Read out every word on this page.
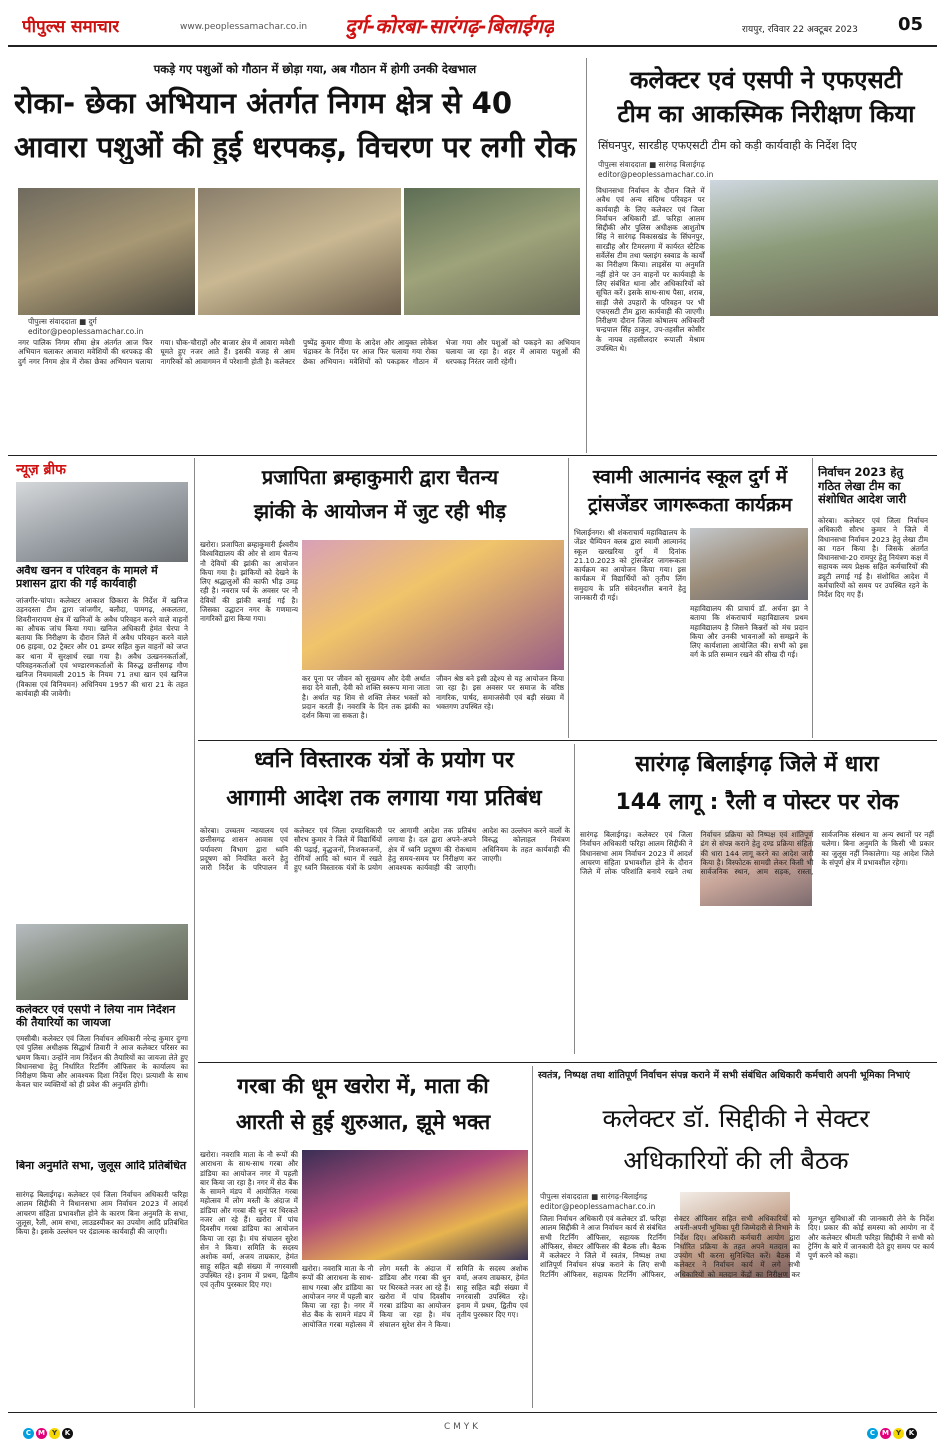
पीपुल्स समाचार	www.peoplessamachar.co.in दुर्ग-कोरबा-सारंगढ़-बिलाईगढ़	रायपुर, रविवार 22 अक्टूबर 2023 05
पकड़े गए पशुओं को गौठान में छोड़ा गया, अब गौठान में होगी उनकी देखभाल
रोका- छेका अभियान अंतर्गत निगम क्षेत्र से 40
आवारा पशुओं की हुई धरपकड़, विचरण पर लगी रोक
पीपुल्स संवाददाता ■ दुर्ग
editor@peoplessamachar.co.in
नगर पालिक निगम सीमा क्षेत्र अंतर्गत आज फिर अभियान चलाकर आवारा मवेशियों की धरपकड़ की दुर्ग नगर निगम क्षेत्र में रोका छेका अभियान चलाया गया। चौक-चौराहों और बाजार क्षेत्र में आवारा मवेशी घूमते हुए नजर आते हैं। इसकी वजह से आम नागरिकों को आवागमन में परेशानी होती है। कलेक्टर पुष्पेंद्र कुमार मीणा के आदेश और आयुक्त लोकेश चंद्राकर के निर्देश पर आज फिर चलाया गया रोका छेका अभियान। मवेशियों को पकड़कर गौठान में भेजा गया और पशुओं को पकड़ने का अभियान चलाया जा रहा है। शहर में आवारा पशुओं की धरपकड़ निरंतर जारी रहेगी।
कलेक्टर एवं एसपी ने एफएसटी
टीम का आकस्मिक निरीक्षण किया
सिंघनपुर, सारडीह एफएसटी टीम को कड़ी कार्यवाही के निर्देश दिए
पीपुल्स संवाददाता ■ सारंगढ़ बिलाईगढ़
editor@peoplessamachar.co.in
विधानसभा निर्वाचन के दौरान जिले में अवैध एवं अन्य संदिग्ध परिवहन पर कार्यवाही के लिए कलेक्टर एवं जिला निर्वाचन अधिकारी डॉ. फरिहा आलम सिद्दीकी और पुलिस अधीक्षक आशुतोष सिंह ने सारंगढ़ विकासखंड के सिंघनपुर, सारडीह और टिमरलगा में कार्यरत स्टैटिक सर्वेलेंस टीम तथा फ्लाइंग स्क्वाड के कार्यों का निरीक्षण किया। लाइसेंस या अनुमति नहीं होने पर उन वाहनों पर कार्यवाही के लिए संबंधित थाना और अधिकारियों को सूचित करें। इसके साथ-साथ पैसा, शराब, साड़ी जैसे उपहारों के परिवहन पर भी एफएसटी टीम द्वारा कार्यवाही की जाएगी। निरीक्षण दौरान जिला कोषालय अधिकारी चन्द्रपाल सिंह ठाकुर, उप-तहसील कोसीर के नायब तहसीलदार रूपाली मेश्राम उपस्थित थे।
न्यूज़ ब्रीफ
अवैध खनन व परिवहन के मामले में प्रशासन द्वारा की गई कार्यवाही
जांजगीर-चांपा। कलेक्टर आकाश छिकारा के निर्देश में खनिज उड़नदस्ता टीम द्वारा जांजगीर, बलौदा, पामगढ़, अकलतरा, शिवरीनारायण क्षेत्र में खनिजों के अवैध परिवहन करने वाले वाहनों का औचक जांच किया गया। खनिज अधिकारी हेमंत चेरपा ने बताया कि निरीक्षण के दौरान जिले में अवैध परिवहन करने वाले 06 हाइवा, 02 ट्रैक्टर और 01 डम्पर सहित कुल वाहनों को जप्त कर थाना में सुरक्षार्थ रखा गया है। अवैध उत्खननकर्ताओं, परिवहनकर्ताओं एवं भण्डारणकर्ताओं के विरुद्ध छत्तीसगढ़ गौण खनिज नियमावली 2015 के नियम 71 तथा खान एवं खनिज (विकास एवं विनियमन) अधिनियम 1957 की धारा 21 के तहत कार्यवाही की जावेगी।
कलेक्टर एवं एसपी ने लिया नाम निर्देशन की तैयारियों का जायजा
एमसीबी। कलेक्टर एवं जिला निर्वाचन अधिकारी नरेन्द्र कुमार दुग्गा एवं पुलिस अधीक्षक सिद्धार्थ तिवारी ने आज कलेक्टर परिसर का भ्रमण किया। उन्होंने नाम निर्देशन की तैयारियों का जायजा लेते हुए विधानसभा हेतु निर्धारित रिटर्निंग ऑफिसर के कार्यालय का निरीक्षण किया और आवश्यक दिशा निर्देश दिए। प्रत्याशी के साथ केवल चार व्यक्तियों को ही प्रवेश की अनुमति होगी।
बिना अनुमति सभा, जुलूस आदि प्रतिबंधित
सारंगढ़ बिलाईगढ़। कलेक्टर एवं जिला निर्वाचन अधिकारी फरिहा आलम सिद्दीकी ने विधानसभा आम निर्वाचन 2023 में आदर्श आचरण संहिता प्रभावशील होने के कारण बिना अनुमति के सभा, जुलूस, रैली, आम सभा, लाउडस्पीकर का उपयोग आदि प्रतिबंधित किया है। इसके उल्लंघन पर दंडात्मक कार्यवाही की जाएगी।
प्रजापिता ब्रम्हाकुमारी द्वारा चैतन्य
झांकी के आयोजन में जुट रही भीड़
खरोरा। प्रजापिता ब्रम्हाकुमारी ईश्वरीय विश्वविद्यालय की ओर से शाम चैतन्य नौ देवियों की झांकी का आयोजन किया गया है। झांकियों को देखने के लिए श्रद्धालुओं की काफी भीड़ उमड़ रही है। नवरात्र पर्व के अवसर पर नौ देवियों की झांकी बनाई गई है। जिसका उद्घाटन नगर के गणमान्य नागरिकों द्वारा किया गया।
कर पूना पर जीवन को सुखमय और देवी अर्थात सदा देने वाली, देवी को शक्ति स्वरूप माना जाता है। अर्थात यह शिव से शक्ति लेकर भक्तों को प्रदान करती हैं। नवरात्रि के दिन तक झांकी का दर्शन किया जा सकता है।
जीवन श्रेष्ठ बने इसी उद्देश्य से यह आयोजन किया जा रहा है। इस अवसर पर समाज के वरिष्ठ नागरिक, पार्षद, समाजसेवी एवं बड़ी संख्या में भक्तगण उपस्थित रहे।
स्वामी आत्मानंद स्कूल दुर्ग में
ट्रांसजेंडर जागरूकता कार्यक्रम
भिलाईनगर। श्री शंकराचार्य महाविद्यालय के जेंडर चैम्पियन क्लब द्वारा स्वामी आत्मानंद स्कूल खरखरिया दुर्ग में दिनांक 21.10.2023 को ट्रांसजेंडर जागरूकता कार्यक्रम का आयोजन किया गया। इस कार्यक्रम में विद्यार्थियों को तृतीय लिंग समुदाय के प्रति संवेदनशील बनाने हेतु जानकारी दी गई।
महाविद्यालय की प्राचार्य डॉ. अर्चना झा ने बताया कि शंकराचार्य महाविद्यालय प्रथम महाविद्यालय है जिसने किन्नरों को मंच प्रदान किया और उनकी भावनाओं को समझने के लिए कार्यशाला आयोजित की। सभी को इस वर्ग के प्रति सम्मान रखने की सीख दी गई।
निर्वाचन 2023 हेतु गठित लेखा टीम का संशोधित आदेश जारी
कोरबा। कलेक्टर एवं जिला निर्वाचन अधिकारी सौरभ कुमार ने जिले में विधानसभा निर्वाचन 2023 हेतु लेखा टीम का गठन किया है। जिसके अंतर्गत विधानसभा-20 रामपुर हेतु नियंत्रण कक्ष में सहायक व्यय प्रेक्षक सहित कर्मचारियों की ड्यूटी लगाई गई है। संशोधित आदेश में कर्मचारियों को समय पर उपस्थित रहने के निर्देश दिए गए हैं।
ध्वनि विस्तारक यंत्रों के प्रयोग पर
आगामी आदेश तक लगाया गया प्रतिबंध
कोरबा। उच्चतम न्यायालय एवं छत्तीसगढ़ शासन आवास एवं पर्यावरण विभाग द्वारा ध्वनि प्रदूषण को नियंत्रित करने हेतु जारी निर्देश के परिपालन में कलेक्टर एवं जिला दण्डाधिकारी सौरभ कुमार ने जिले में विद्यार्थियों की पढ़ाई, वृद्धजनों, निःशक्तजनों, रोगियों आदि को ध्यान में रखते हुए ध्वनि विस्तारक यंत्रों के प्रयोग पर आगामी आदेश तक प्रतिबंध लगाया है। दल द्वारा अपने-अपने क्षेत्र में ध्वनि प्रदूषण की रोकथाम हेतु समय-समय पर निरीक्षण कर आवश्यक कार्यवाही की जाएगी। आदेश का उल्लंघन करने वालों के विरुद्ध कोलाहल नियंत्रण अधिनियम के तहत कार्यवाही की जाएगी।
सारंगढ़ बिलाईगढ़ जिले में धारा
144 लागू : रैली व पोस्टर पर रोक
सारंगढ़ बिलाईगढ़। कलेक्टर एवं जिला निर्वाचन अधिकारी फरिहा आलम सिद्दीकी ने विधानसभा आम निर्वाचन 2023 में आदर्श आचरण संहिता प्रभावशील होने के दौरान जिले में लोक परिशांति बनाये रखने तथा निर्वाचन प्रक्रिया को निष्पक्ष एवं शांतिपूर्ण ढंग से संपन्न कराने हेतु दण्ड प्रक्रिया संहिता की धारा 144 लागू करने का आदेश जारी किया है। विस्फोटक सामग्री लेकर किसी भी सार्वजनिक स्थान, आम सड़क, रास्ता, सार्वजनिक संस्थान या अन्य स्थानों पर नहीं चलेगा। बिना अनुमति के किसी भी प्रकार का जुलूस नहीं निकालेगा। यह आदेश जिले के संपूर्ण क्षेत्र में प्रभावशील रहेगा।
गरबा की धूम खरोरा में, माता की
आरती से हुई शुरुआत, झूमे भक्त
खरोरा। नवरात्रि माता के नौ रूपों की आराधना के साथ-साथ गरबा और डांडिया का आयोजन नगर में पहली बार किया जा रहा है। नगर में सेठ बैंक के सामने मंडप में आयोजित गरबा महोत्सव में लोग मस्ती के अंदाज में डांडिया और गरबा की धुन पर थिरकते नजर आ रहे हैं। खरोरा में पांच दिवसीय गरबा डांडिया का आयोजन किया जा रहा है। मंच संचालन सुरेश सेन ने किया। समिति के सदस्य अशोक वर्मा, अजय ताम्रकार, हेमंत साहू सहित बड़ी संख्या में नगरवासी उपस्थित रहे। इनाम में प्रथम, द्वितीय एवं तृतीय पुरस्कार दिए गए।
खरोरा। नवरात्रि माता के नौ रूपों की आराधना के साथ-साथ गरबा और डांडिया का आयोजन नगर में पहली बार किया जा रहा है। नगर में सेठ बैंक के सामने मंडप में आयोजित गरबा महोत्सव में लोग मस्ती के अंदाज में डांडिया और गरबा की धुन पर थिरकते नजर आ रहे हैं। खरोरा में पांच दिवसीय गरबा डांडिया का आयोजन किया जा रहा है। मंच संचालन सुरेश सेन ने किया। समिति के सदस्य अशोक वर्मा, अजय ताम्रकार, हेमंत साहू सहित बड़ी संख्या में नगरवासी उपस्थित रहे। इनाम में प्रथम, द्वितीय एवं तृतीय पुरस्कार दिए गए।
स्वतंत्र, निष्पक्ष तथा शांतिपूर्ण निर्वाचन संपन्न कराने में सभी संबंधित अधिकारी कर्मचारी अपनी भूमिका निभाएं
कलेक्टर डॉ. सिद्दीकी ने सेक्टर
अधिकारियों की ली बैठक
पीपुल्स संवाददाता ■ सारंगढ़-बिलाईगढ़
editor@peoplessamachar.co.in
जिला निर्वाचन अधिकारी एवं कलेक्टर डॉ. फरिहा आलम सिद्दीकी ने आज निर्वाचन कार्य से संबंधित सभी रिटर्निंग ऑफिसर, सहायक रिटर्निंग ऑफिसर, सेक्टर ऑफिसर की बैठक ली। बैठक में कलेक्टर ने जिले में स्वतंत्र, निष्पक्ष तथा शांतिपूर्ण निर्वाचन संपन्न कराने के लिए सभी रिटर्निंग ऑफिसर, सहायक रिटर्निंग ऑफिसर, सेक्टर ऑफिसर सहित सभी अधिकारियों को अपनी-अपनी भूमिका पूरी जिम्मेदारी से निभाने के निर्देश दिए। अधिकारी कर्मचारी आयोग द्वारा निर्धारित प्रक्रिया के तहत अपने मतदान का उपयोग भी करना सुनिश्चित करें। बैठक में कलेक्टर ने निर्वाचन कार्य में लगे सभी अधिकारियों को मतदान केंद्रों का निरीक्षण कर मूलभूत सुविधाओं की जानकारी लेने के निर्देश दिए। प्रकार की कोई समस्या को आयोग ना दें और कलेक्टर श्रीमती फरिहा सिद्दीकी ने सभी को ट्रेनिंग के बारे में जानकारी देते हुए समय पर कार्य पूर्ण करने को कहा।
C M Y K
C M Y K
C M Y K
